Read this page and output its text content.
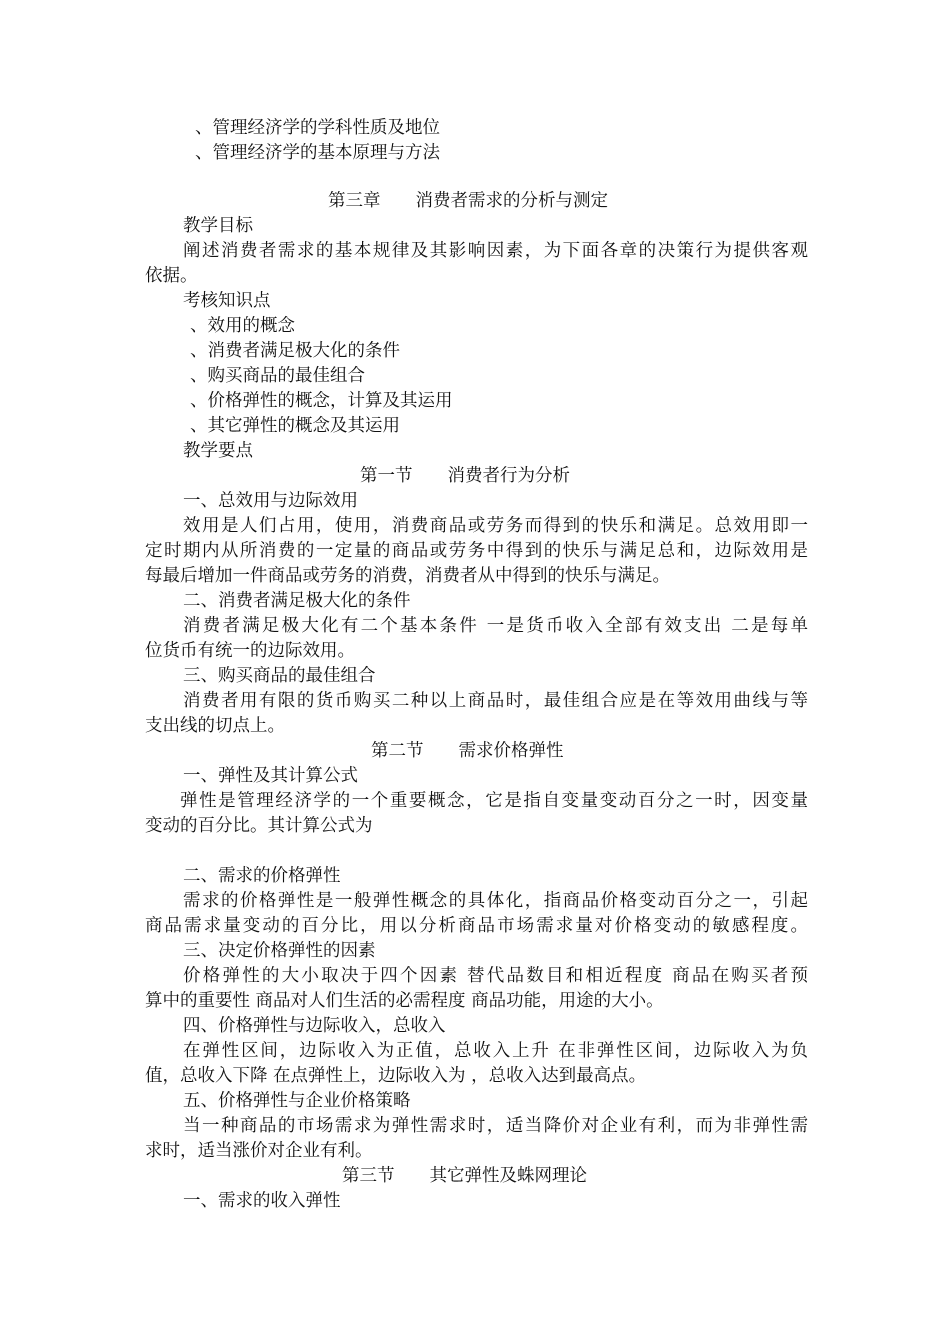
、管理经济学的学科性质及地位
、管理经济学的基本原理与方法
第三章　　消费者需求的分析与测定
教学目标
阐述消费者需求的基本规律及其影响因素，为下面各章的决策行为提供客观
依据。
考核知识点
、效用的概念
、消费者满足极大化的条件
、购买商品的最佳组合
、价格弹性的概念，计算及其运用
、其它弹性的概念及其运用
教学要点
第一节　　消费者行为分析
一、总效用与边际效用
效用是人们占用，使用，消费商品或劳务而得到的快乐和满足。总效用即一
定时期内从所消费的一定量的商品或劳务中得到的快乐与满足总和，边际效用是
每最后增加一件商品或劳务的消费，消费者从中得到的快乐与满足。
二、消费者满足极大化的条件
消费者满足极大化有二个基本条件 一是货币收入全部有效支出 二是每单
位货币有统一的边际效用。
三、购买商品的最佳组合
消费者用有限的货币购买二种以上商品时，最佳组合应是在等效用曲线与等
支出线的切点上。
第二节　　需求价格弹性
一、弹性及其计算公式
弹性是管理经济学的一个重要概念，它是指自变量变动百分之一时，因变量
变动的百分比。其计算公式为
二、需求的价格弹性
需求的价格弹性是一般弹性概念的具体化，指商品价格变动百分之一，引起
商品需求量变动的百分比，用以分析商品市场需求量对价格变动的敏感程度。
三、决定价格弹性的因素
价格弹性的大小取决于四个因素 替代品数目和相近程度 商品在购买者预
算中的重要性 商品对人们生活的必需程度 商品功能，用途的大小。
四、价格弹性与边际收入，总收入
在弹性区间，边际收入为正值，总收入上升 在非弹性区间，边际收入为负
值，总收入下降 在点弹性上，边际收入为 ，总收入达到最高点。
五、价格弹性与企业价格策略
当一种商品的市场需求为弹性需求时，适当降价对企业有利，而为非弹性需
求时，适当涨价对企业有利。
第三节　　其它弹性及蛛网理论
一、需求的收入弹性
